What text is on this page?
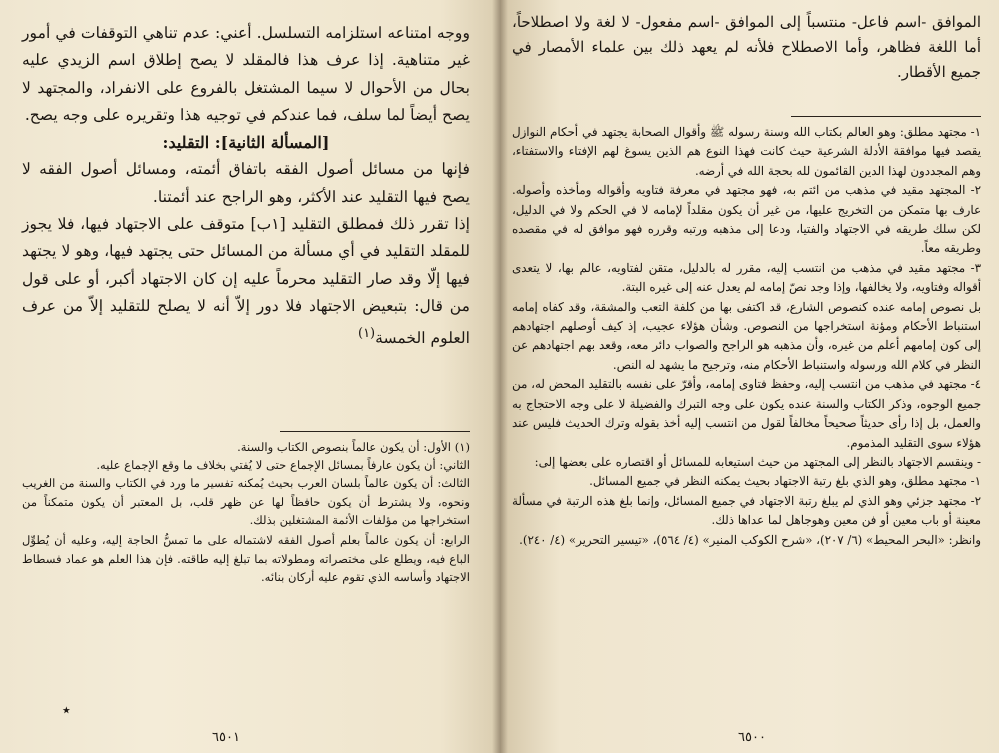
ووجه امتناعه استلزامه التسلسل. أعني: عدم تناهي التوقفات في أمور غير متناهية. إذا عرف هذا فالمقلد لا يصح إطلاق اسم الزيدي عليه بحال من الأحوال لا سيما المشتغل بالفروع على الانفراد، والمجتهد لا يصح أيضاً لما سلف، فما عندكم في توجيه هذا وتقريره على وجه يصح.

[المسألة الثانية]: التقليد:

فإنها من مسائل أصول الفقه باتفاق أئمته، ومسائل أصول الفقه لا يصح فيها التقليد عند الأكثر، وهو الراجح عند أئمتنا.

إذا تقرر ذلك فمطلق التقليد [١ب] متوقف على الاجتهاد فيها، فلا يجوز للمقلد التقليد في أي مسألة من المسائل حتى يجتهد فيها، وهو لا يجتهد فيها إلّا وقد صار التقليد محرماً عليه إن كان الاجتهاد أكبر، أو على قول من قال: بتبعيض الاجتهاد فلا دور إلاّ أنه لا يصلح للتقليد إلاّ من عرف العلوم الخمسة$^{(١)}$

(١) الأول: أن يكون عالماً بنصوص الكتاب والسنة.

الثاني: أن يكون عارفاً بمسائل الإجماع حتى لا يُفتي بخلاف ما وقع الإجماع عليه.

الثالث: أن يكون عالماً بلسان العرب بحيث يُمكنه تفسير ما ورد في الكتاب والسنة من الغريب ونحوه، ولا يشترط أن يكون حافظاً لها عن ظهر قلب، بل المعتبر أن يكون متمكناً من استخراجها من مؤلفات الأئمة المشتغلين بذلك.

الرابع: أن يكون عالماً بعلم أصول الفقه لاشتماله على ما تمسُّ الحاجة إليه، وعليه أن يُطوِّل الباع فيه، ويطلع على مختصراته ومطولاته بما تبلغ إليه طاقته. فإن هذا العلم هو عماد فسطاط الاجتهاد وأساسه الذي تقوم عليه أركان بنائه.

٭
٦٥٠١

الموافق -اسم فاعل- منتسباً إلى الموافق -اسم مفعول- لا لغة ولا اصطلاحاً، أما اللغة فظاهر، وأما الاصطلاح فلأنه لم يعهد ذلك بين علماء الأمصار في جميع الأقطار.

١- مجتهد مطلق: وهو العالم بكتاب الله وسنة رسوله ﷺ وأقوال الصحابة يجتهد في أحكام النوازل يقصد فيها موافقة الأدلة الشرعية حيث كانت فهذا النوع هم الذين يسوغ لهم الإفتاء والاستفتاء، وهم المجددون لهذا الدين القائمون لله بحجة الله في أرضه.

٢- المجتهد مقيد في مذهب من ائتم به، فهو مجتهد في معرفة فتاويه وأقواله ومأخذه وأصوله. عارف بها متمكن من التخريج عليها، من غير أن يكون مقلداً لإمامه لا في الحكم ولا في الدليل، لكن سلك طريقه في الاجتهاد والفتيا، ودعا إلى مذهبه ورتبه وقرره فهو موافق له في مقصده وطريقه معاً.

٣- مجتهد مقيد في مذهب من انتسب إليه، مقرر له بالدليل، متقن لفتاويه، عالم بها، لا يتعدى أقواله وفتاويه، ولا يخالفها، وإذا وجد نصّ إمامه لم يعدل عنه إلى غيره البتة.

بل نصوص إمامه عنده كنصوص الشارع، قد اكتفى بها من كلفة التعب والمشقة، وقد كفاه إمامه استنباط الأحكام ومؤنة استخراجها من النصوص. وشأن هؤلاء عجيب، إذ كيف أوصلهم اجتهادهم إلى كون إمامهم أعلم من غيره، وأن مذهبه هو الراجح والصواب دائر معه، وقعد بهم اجتهادهم عن النظر في كلام الله ورسوله واستنباط الأحكام منه، وترجيح ما يشهد له النص.

٤- مجتهد في مذهب من انتسب إليه، وحفظ فتاوى إمامه، وأقرّ على نفسه بالتقليد المحض له، من جميع الوجوه، وذكر الكتاب والسنة عنده يكون على وجه التبرك والفضيلة لا على وجه الاحتجاج به والعمل، بل إذا رأى حديثاً صحيحاً مخالفاً لقول من انتسب إليه أخذ بقوله وترك الحديث فليس عند هؤلاء سوى التقليد المذموم.

- وينقسم الاجتهاد بالنظر إلى المجتهد من حيث استيعابه للمسائل أو اقتصاره على بعضها إلى:

١- مجتهد مطلق، وهو الذي بلغ رتبة الاجتهاد بحيث يمكنه النظر في جميع المسائل.

٢- مجتهد جزئي وهو الذي لم يبلغ رتبة الاجتهاد في جميع المسائل، وإنما بلغ هذه الرتبة في مسألة معينة أو باب معين أو فن معين وهوجاهل لما عداها ذلك.

وانظر: «البحر المحيط» (٦/ ٢٠٧)، «شرح الكوكب المنير» (٤/ ٥٦٤)، «تيسير التحرير» (٤/ ٢٤٠).

٦٥٠٠
